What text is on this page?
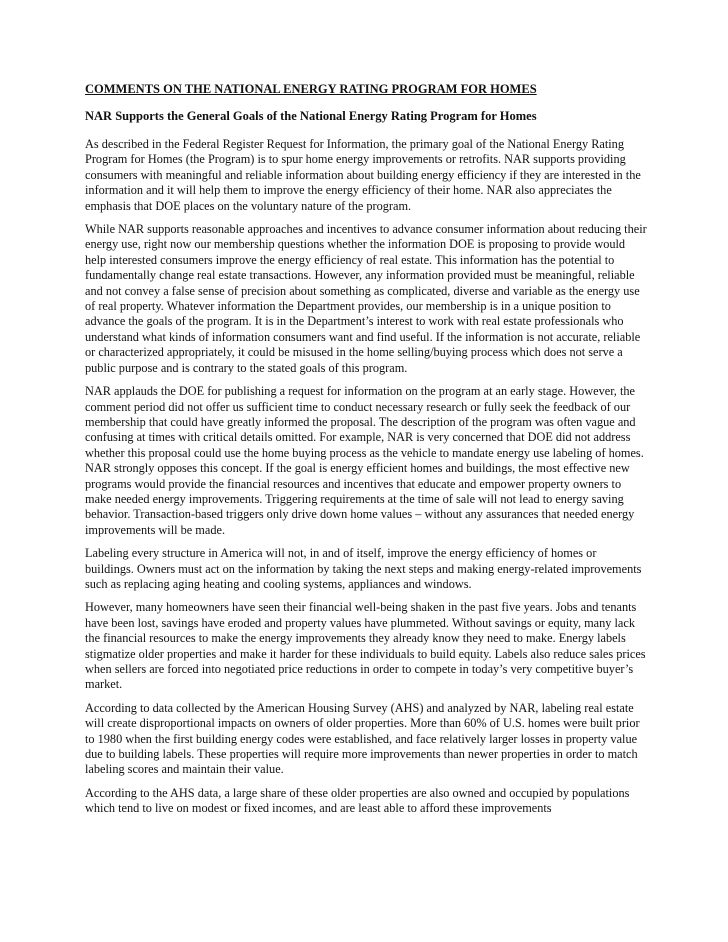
COMMENTS ON THE NATIONAL ENERGY RATING PROGRAM FOR HOMES
NAR Supports the General Goals of the National Energy Rating Program for Homes

As described in the Federal Register Request for Information, the primary goal of the National Energy Rating Program for Homes (the Program) is to spur home energy improvements or retrofits. NAR supports providing consumers with meaningful and reliable information about building energy efficiency if they are interested in the information and it will help them to improve the energy efficiency of their home. NAR also appreciates the emphasis that DOE places on the voluntary nature of the program.

While NAR supports reasonable approaches and incentives to advance consumer information about reducing their energy use, right now our membership questions whether the information DOE is proposing to provide would help interested consumers improve the energy efficiency of real estate. This information has the potential to fundamentally change real estate transactions. However, any information provided must be meaningful, reliable and not convey a false sense of precision about something as complicated, diverse and variable as the energy use of real property. Whatever information the Department provides, our membership is in a unique position to advance the goals of the program. It is in the Department’s interest to work with real estate professionals who understand what kinds of information consumers want and find useful. If the information is not accurate, reliable or characterized appropriately, it could be misused in the home selling/buying process which does not serve a public purpose and is contrary to the stated goals of this program.

NAR applauds the DOE for publishing a request for information on the program at an early stage. However, the comment period did not offer us sufficient time to conduct necessary research or fully seek the feedback of our membership that could have greatly informed the proposal. The description of the program was often vague and confusing at times with critical details omitted. For example, NAR is very concerned that DOE did not address whether this proposal could use the home buying process as the vehicle to mandate energy use labeling of homes. NAR strongly opposes this concept. If the goal is energy efficient homes and buildings, the most effective new programs would provide the financial resources and incentives that educate and empower property owners to make needed energy improvements. Triggering requirements at the time of sale will not lead to energy saving behavior. Transaction-based triggers only drive down home values – without any assurances that needed energy improvements will be made.

Labeling every structure in America will not, in and of itself, improve the energy efficiency of homes or buildings. Owners must act on the information by taking the next steps and making energy-related improvements such as replacing aging heating and cooling systems, appliances and windows.

However, many homeowners have seen their financial well-being shaken in the past five years. Jobs and tenants have been lost, savings have eroded and property values have plummeted. Without savings or equity, many lack the financial resources to make the energy improvements they already know they need to make. Energy labels stigmatize older properties and make it harder for these individuals to build equity. Labels also reduce sales prices when sellers are forced into negotiated price reductions in order to compete in today’s very competitive buyer’s market.

According to data collected by the American Housing Survey (AHS) and analyzed by NAR, labeling real estate will create disproportional impacts on owners of older properties. More than 60% of U.S. homes were built prior to 1980 when the first building energy codes were established, and face relatively larger losses in property value due to building labels. These properties will require more improvements than newer properties in order to match labeling scores and maintain their value.

According to the AHS data, a large share of these older properties are also owned and occupied by populations which tend to live on modest or fixed incomes, and are least able to afford these improvements
